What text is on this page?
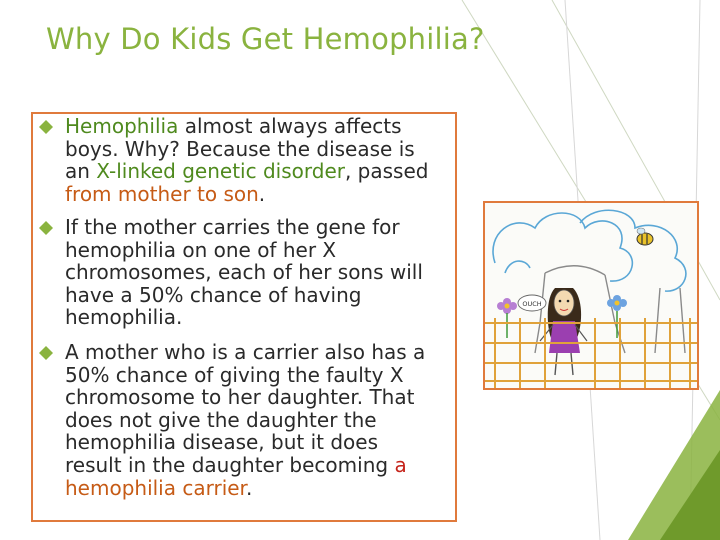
Why Do Kids Get Hemophilia?
Hemophilia almost always affects boys. Why? Because the disease is an X-linked genetic disorder, passed from mother to son.
If the mother carries the gene for hemophilia on one of her X chromosomes, each of her sons will have a 50% chance of having hemophilia.
A mother who is a carrier also has a 50% chance of giving the faulty X chromosome to her daughter. That does not give the daughter the hemophilia disease, but it does result in the daughter becoming a hemophilia carrier.
OUCH
